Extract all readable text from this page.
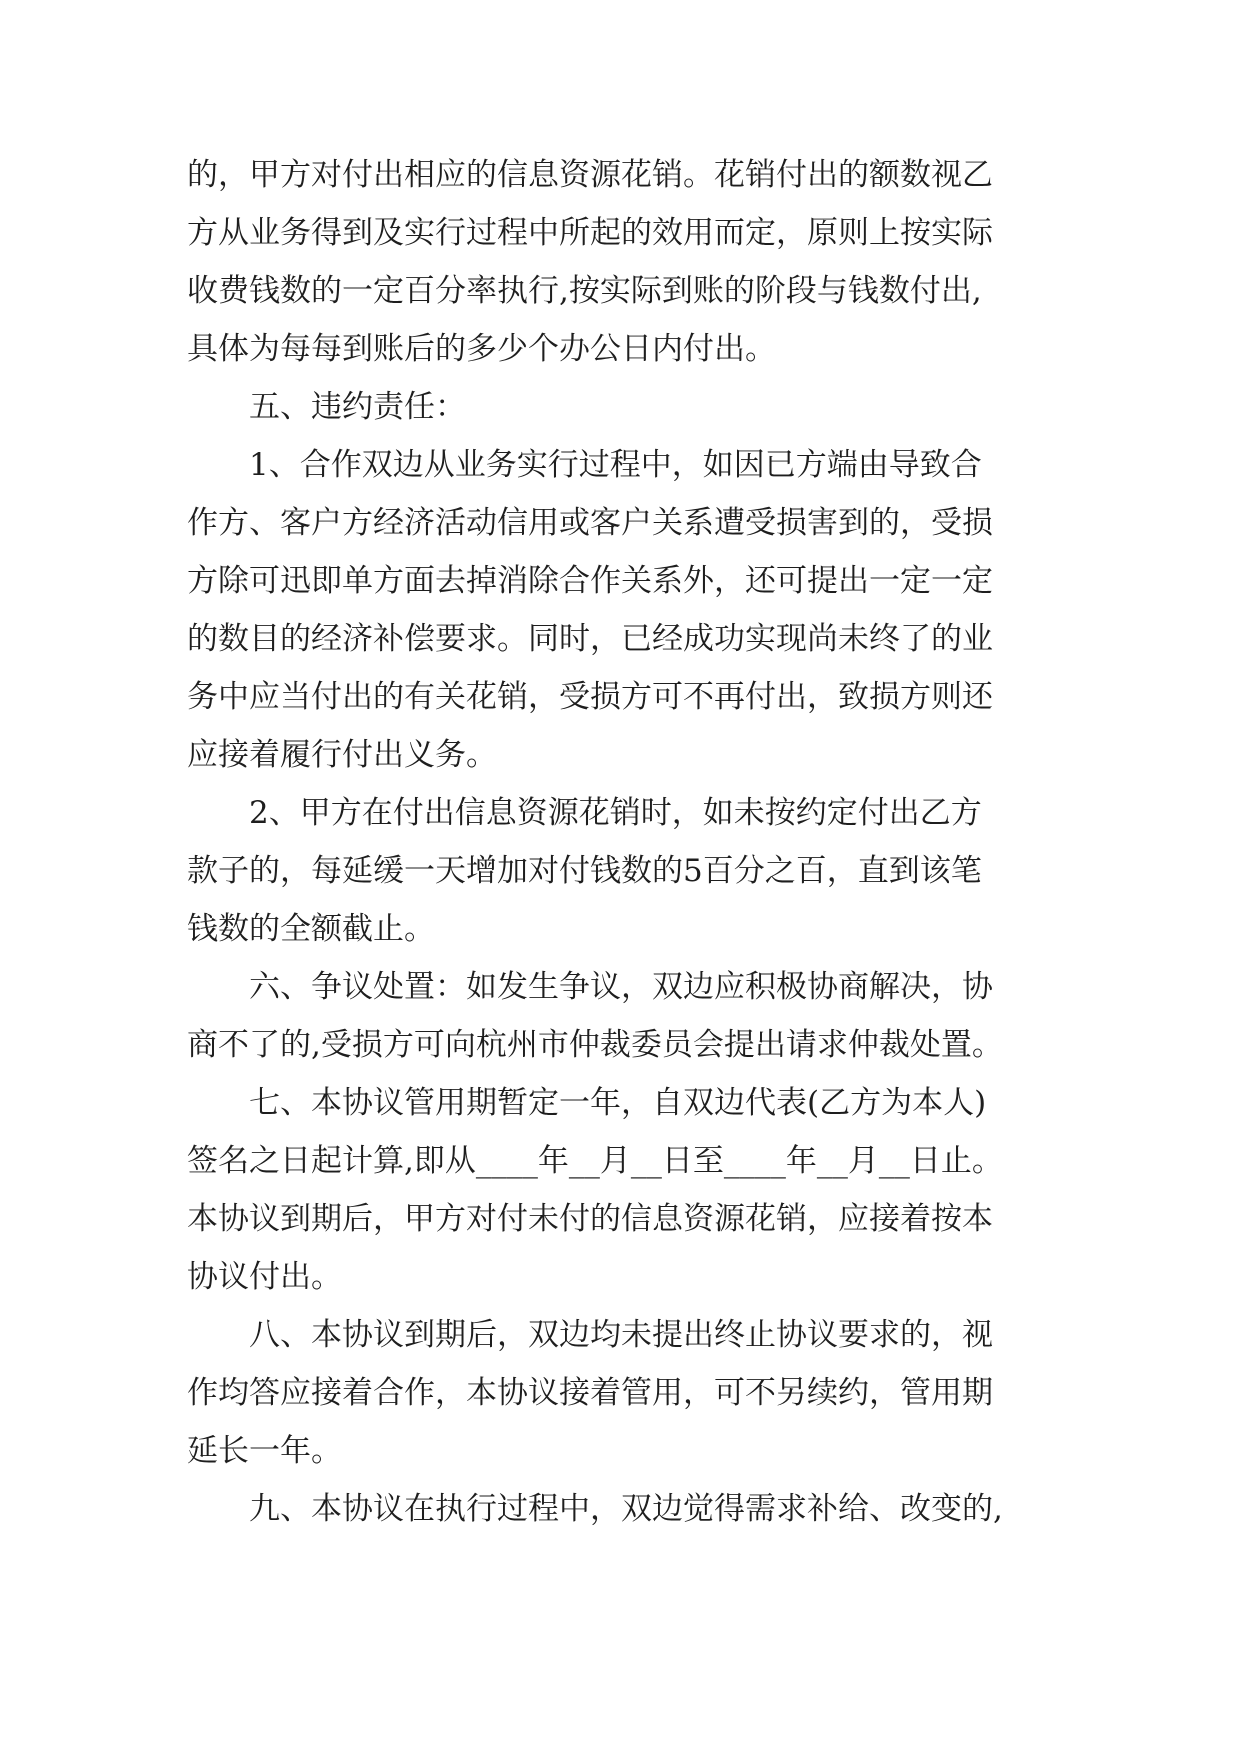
的，甲方对付出相应的信息资源花销。花销付出的额数视乙
方从业务得到及实行过程中所起的效用而定，原则上按实际
收费钱数的一定百分率执行,按实际到账的阶段与钱数付出,
具体为每每到账后的多少个办公日内付出。
五、违约责任：
1、合作双边从业务实行过程中，如因已方端由导致合
作方、客户方经济活动信用或客户关系遭受损害到的，受损
方除可迅即单方面去掉消除合作关系外，还可提出一定一定
的数目的经济补偿要求。同时，已经成功实现尚未终了的业
务中应当付出的有关花销，受损方可不再付出，致损方则还
应接着履行付出义务。
2、甲方在付出信息资源花销时，如未按约定付出乙方
款子的，每延缓一天增加对付钱数的5百分之百，直到该笔
钱数的全额截止。
六、争议处置：如发生争议，双边应积极协商解决，协
商不了的,受损方可向杭州市仲裁委员会提出请求仲裁处置。
七、本协议管用期暂定一年，自双边代表(乙方为本人)
签名之日起计算,即从____年__月__日至____年__月__日止。
本协议到期后，甲方对付未付的信息资源花销，应接着按本
协议付出。
八、本协议到期后，双边均未提出终止协议要求的，视
作均答应接着合作，本协议接着管用，可不另续约，管用期
延长一年。
九、本协议在执行过程中，双边觉得需求补给、改变的,
